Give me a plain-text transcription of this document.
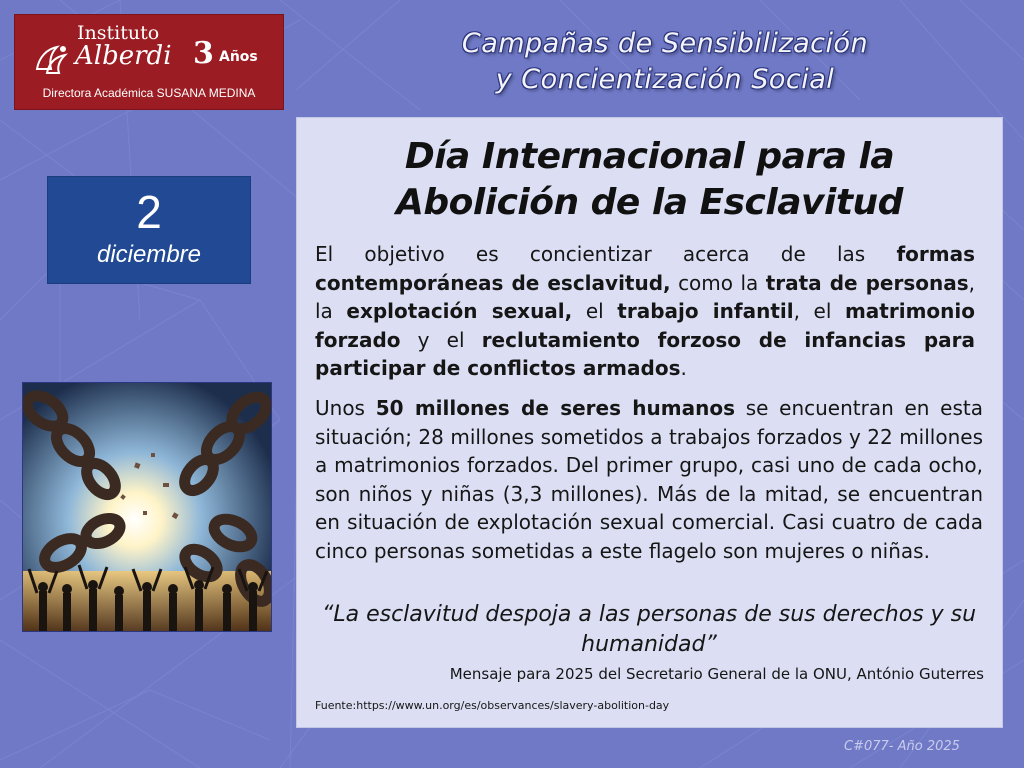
Instituto
Alberdi 3 Años
Directora Académica SUSANA MEDINA
Campañas de Sensibilización
y Concientización Social
2
diciembre
Día Internacional para la
Abolición de la Esclavitud
El objetivo es concientizar acerca de las formas contemporáneas de esclavitud, como la trata de personas, la explotación sexual, el trabajo infantil, el matrimonio forzado y el reclutamiento forzoso de infancias para participar de conflictos armados.
Unos 50 millones de seres humanos se encuentran en esta situación; 28 millones sometidos a trabajos forzados y 22 millones a matrimonios forzados. Del primer grupo, casi uno de cada ocho, son niños y niñas (3,3 millones). Más de la mitad, se encuentran en situación de explotación sexual comercial. Casi cuatro de cada cinco personas sometidas a este flagelo son mujeres o niñas.
“La esclavitud despoja a las personas de sus derechos y su
humanidad”
Mensaje para 2025 del Secretario General de la ONU, António Guterres
Fuente:https://www.un.org/es/observances/slavery-abolition-day
C#077- Año 2025
